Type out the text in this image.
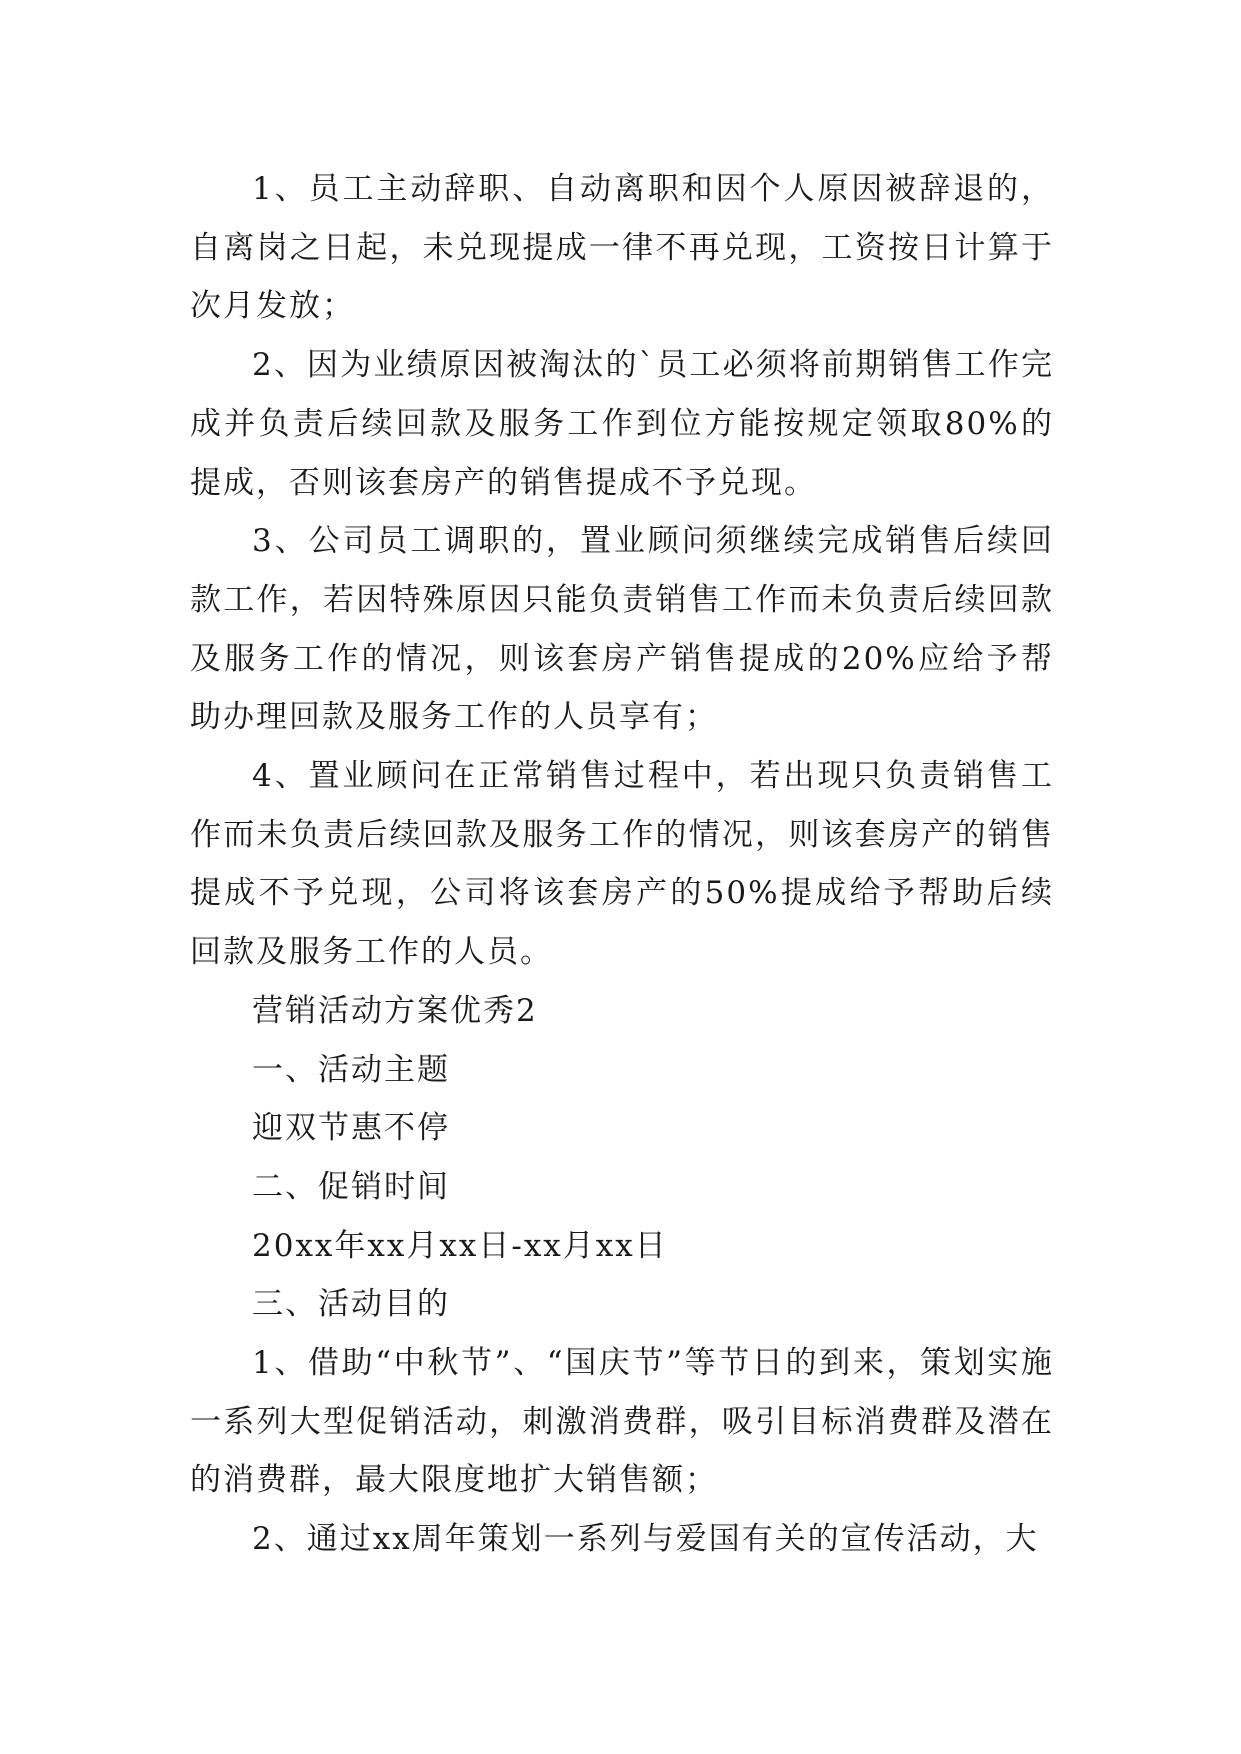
1、员工主动辞职、自动离职和因个人原因被辞退的，自离岗之日起，未兑现提成一律不再兑现，工资按日计算于次月发放；

2、因为业绩原因被淘汰的`员工必须将前期销售工作完成并负责后续回款及服务工作到位方能按规定领取80%的提成，否则该套房产的销售提成不予兑现。

3、公司员工调职的，置业顾问须继续完成销售后续回款工作，若因特殊原因只能负责销售工作而未负责后续回款及服务工作的情况，则该套房产销售提成的20%应给予帮助办理回款及服务工作的人员享有；

4、置业顾问在正常销售过程中，若出现只负责销售工作而未负责后续回款及服务工作的情况，则该套房产的销售提成不予兑现，公司将该套房产的50%提成给予帮助后续回款及服务工作的人员。

营销活动方案优秀2

一、活动主题

迎双节惠不停

二、促销时间

20xx年xx月xx日-xx月xx日

三、活动目的

1、借助“中秋节”、“国庆节”等节日的到来，策划实施一系列大型促销活动，刺激消费群，吸引目标消费群及潜在的消费群，最大限度地扩大销售额；

2、通过xx周年策划一系列与爱国有关的宣传活动，大
